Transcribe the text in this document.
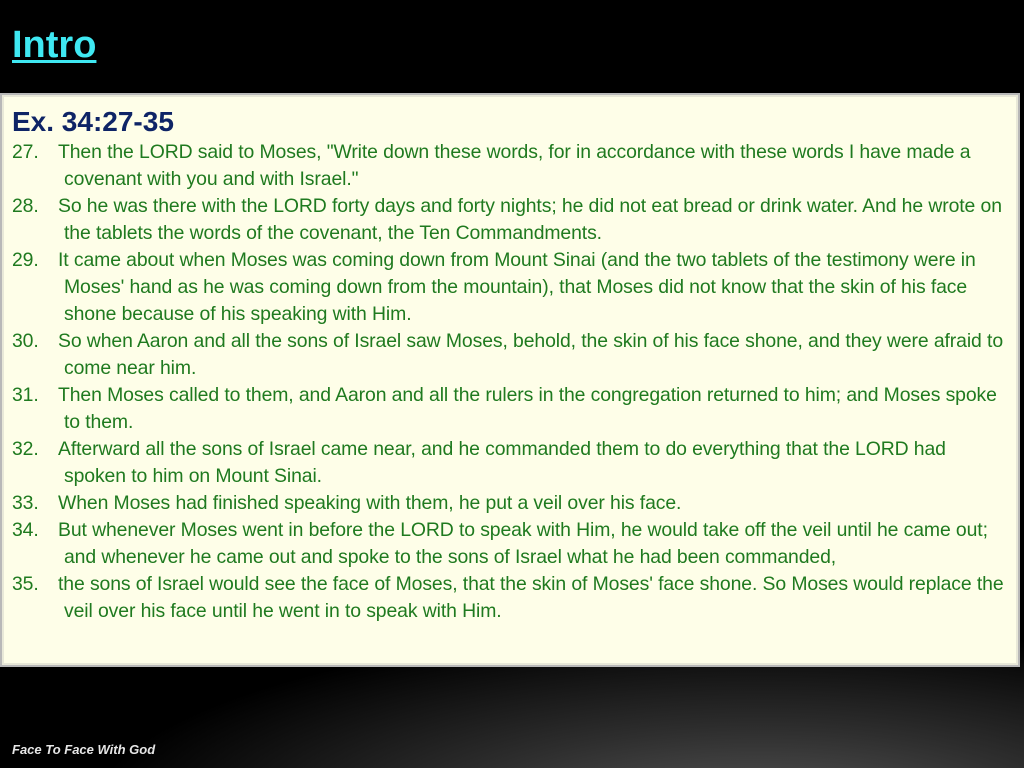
Intro
Ex. 34:27-35
27. Then the LORD said to Moses, "Write down these words, for in accordance with these words I have made a covenant with you and with Israel."
28. So he was there with the LORD forty days and forty nights; he did not eat bread or drink water. And he wrote on the tablets the words of the covenant, the Ten Commandments.
29. It came about when Moses was coming down from Mount Sinai (and the two tablets of the testimony were in Moses' hand as he was coming down from the mountain), that Moses did not know that the skin of his face shone because of his speaking with Him.
30. So when Aaron and all the sons of Israel saw Moses, behold, the skin of his face shone, and they were afraid to come near him.
31. Then Moses called to them, and Aaron and all the rulers in the congregation returned to him; and Moses spoke to them.
32. Afterward all the sons of Israel came near, and he commanded them to do everything that the LORD had spoken to him on Mount Sinai.
33. When Moses had finished speaking with them, he put a veil over his face.
34. But whenever Moses went in before the LORD to speak with Him, he would take off the veil until he came out; and whenever he came out and spoke to the sons of Israel what he had been commanded,
35. the sons of Israel would see the face of Moses, that the skin of Moses' face shone. So Moses would replace the veil over his face until he went in to speak with Him.
Face To Face With God
